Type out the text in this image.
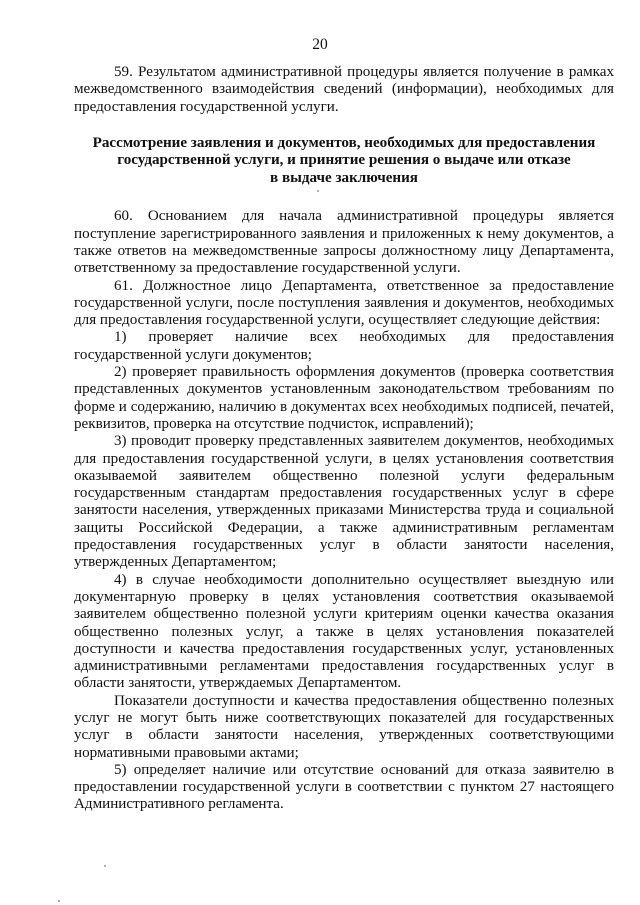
20

59. Результатом административной процедуры является получение в рамках межведомственного взаимодействия сведений (информации), необходимых для предоставления государственной услуги.

Рассмотрение заявления и документов, необходимых для предоставления
государственной услуги, и принятие решения о выдаче или отказе
в выдаче заключения

60. Основанием для начала административной процедуры является поступление зарегистрированного заявления и приложенных к нему документов, а также ответов на межведомственные запросы должностному лицу Департамента, ответственному за предоставление государственной услуги.

61. Должностное лицо Департамента, ответственное за предоставление государственной услуги, после поступления заявления и документов, необходимых для предоставления государственной услуги, осуществляет следующие действия:

1) проверяет наличие всех необходимых для предоставления государственной услуги документов;

2) проверяет правильность оформления документов (проверка соответствия представленных документов установленным законодательством требованиям по форме и содержанию, наличию в документах всех необходимых подписей, печатей, реквизитов, проверка на отсутствие подчисток, исправлений);

3) проводит проверку представленных заявителем документов, необходимых для предоставления государственной услуги, в целях установления соответствия оказываемой заявителем общественно полезной услуги федеральным государственным стандартам предоставления государственных услуг в сфере занятости населения, утвержденных приказами Министерства труда и социальной защиты Российской Федерации, а также административным регламентам предоставления государственных услуг в области занятости населения, утвержденных Департаментом;

4) в случае необходимости дополнительно осуществляет выездную или документарную проверку в целях установления соответствия оказываемой заявителем общественно полезной услуги критериям оценки качества оказания общественно полезных услуг, а также в целях установления показателей доступности и качества предоставления государственных услуг, установленных административными регламентами предоставления государственных услуг в области занятости, утверждаемых Департаментом.

Показатели доступности и качества предоставления общественно полезных услуг не могут быть ниже соответствующих показателей для государственных услуг в области занятости населения, утвержденных соответствующими нормативными правовыми актами;

5) определяет наличие или отсутствие оснований для отказа заявителю в предоставлении государственной услуги в соответствии с пунктом 27 настоящего Административного регламента.
